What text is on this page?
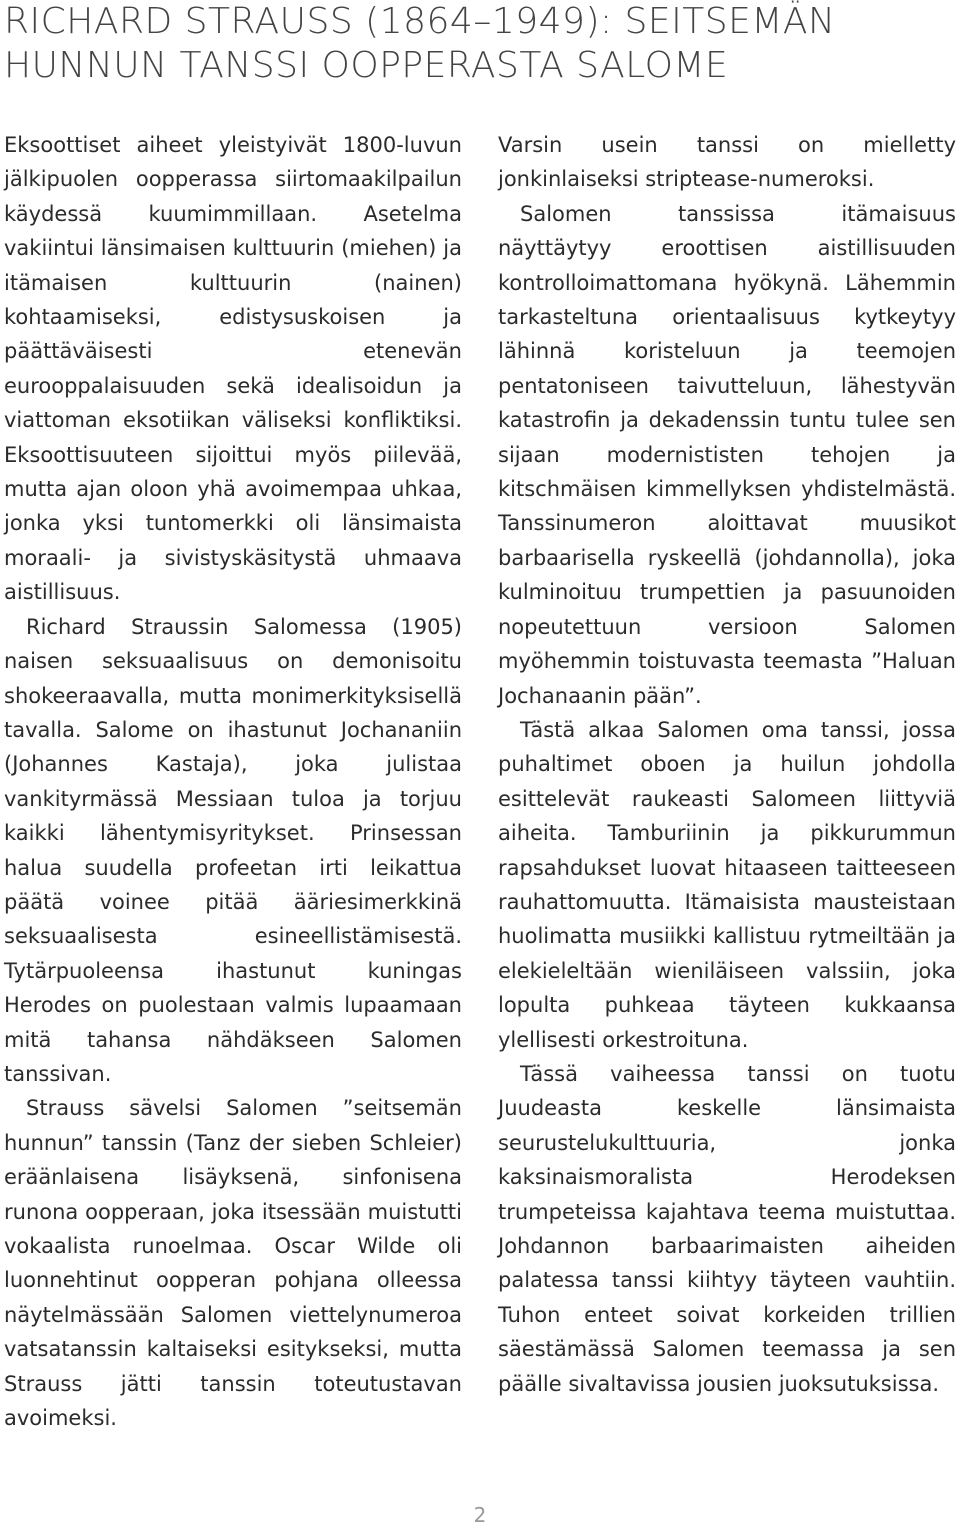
RICHARD STRAUSS (1864–1949): SEITSEMÄN HUNNUN TANSSI OOPPERASTA SALOME

Eksoottiset aiheet yleistyivät 1800-luvun jälkipuolen oopperassa siirtomaakilpailun käydessä kuumimmillaan. Asetelma vakiintui länsimaisen kulttuurin (miehen) ja itämaisen kulttuurin (nainen) kohtaamiseksi, edistysuskoisen ja päättäväisesti etenevän eurooppalaisuuden sekä idealisoidun ja viattoman eksotiikan väliseksi konfliktiksi. Eksoottisuuteen sijoittui myös piilevää, mutta ajan oloon yhä avoimempaa uhkaa, jonka yksi tuntomerkki oli länsimaista moraali- ja sivistyskäsitystä uhmaava aistillisuus.

Richard Straussin Salomessa (1905) naisen seksuaalisuus on demonisoitu shokeeraavalla, mutta monimerkityksisellä tavalla. Salome on ihastunut Jochananiin (Johannes Kastaja), joka julistaa vankityrmässä Messiaan tuloa ja torjuu kaikki lähentymisyritykset. Prinsessan halua suudella profeetan irti leikattua päätä voinee pitää ääriesimerkkinä seksuaalisesta esineellistämisestä. Tytärpuoleensa ihastunut kuningas Herodes on puolestaan valmis lupaamaan mitä tahansa nähdäkseen Salomen tanssivan.

Strauss sävelsi Salomen ”seitsemän hunnun” tanssin (Tanz der sieben Schleier) eräänlaisena lisäyksenä, sinfonisena runona oopperaan, joka itsessään muistutti vokaalista runoelmaa. Oscar Wilde oli luonnehtinut oopperan pohjana olleessa näytelmässään Salomen viettelynumeroa vatsatanssin kaltaiseksi esitykseksi, mutta Strauss jätti tanssin toteutustavan avoimeksi.

Varsin usein tanssi on mielletty jonkinlaiseksi striptease-numeroksi.

Salomen tanssissa itämaisuus näyttäytyy eroottisen aistillisuuden kontrolloimattomana hyökynä. Lähemmin tarkasteltuna orientaalisuus kytkeytyy lähinnä koristeluun ja teemojen pentatoniseen taivutteluun, lähestyvän katastrofin ja dekadenssin tuntu tulee sen sijaan modernististen tehojen ja kitschmäisen kimmellyksen yhdistelmästä. Tanssinumeron aloittavat muusikot barbaarisella ryskeellä (johdannolla), joka kulminoituu trumpettien ja pasuunoiden nopeutettuun versioon Salomen myöhemmin toistuvasta teemasta ”Haluan Jochanaanin pään”.

Tästä alkaa Salomen oma tanssi, jossa puhaltimet oboen ja huilun johdolla esittelevät raukeasti Salomeen liittyviä aiheita. Tamburiinin ja pikkurummun rapsahdukset luovat hitaaseen taitteeseen rauhattomuutta. Itämaisista mausteistaan huolimatta musiikki kallistuu rytmeiltään ja elekieleltään wieniläiseen valssiin, joka lopulta puhkeaa täyteen kukkaansa ylellisesti orkestroituna.

Tässä vaiheessa tanssi on tuotu Juudeasta keskelle länsimaista seurustelukulttuuria, jonka kaksinaismoralista Herodeksen trumpeteissa kajahtava teema muistuttaa. Johdannon barbaarimaisten aiheiden palatessa tanssi kiihtyy täyteen vauhtiin. Tuhon enteet soivat korkeiden trillien säestämässä Salomen teemassa ja sen päälle sivaltavissa jousien juoksutuksissa.

2
